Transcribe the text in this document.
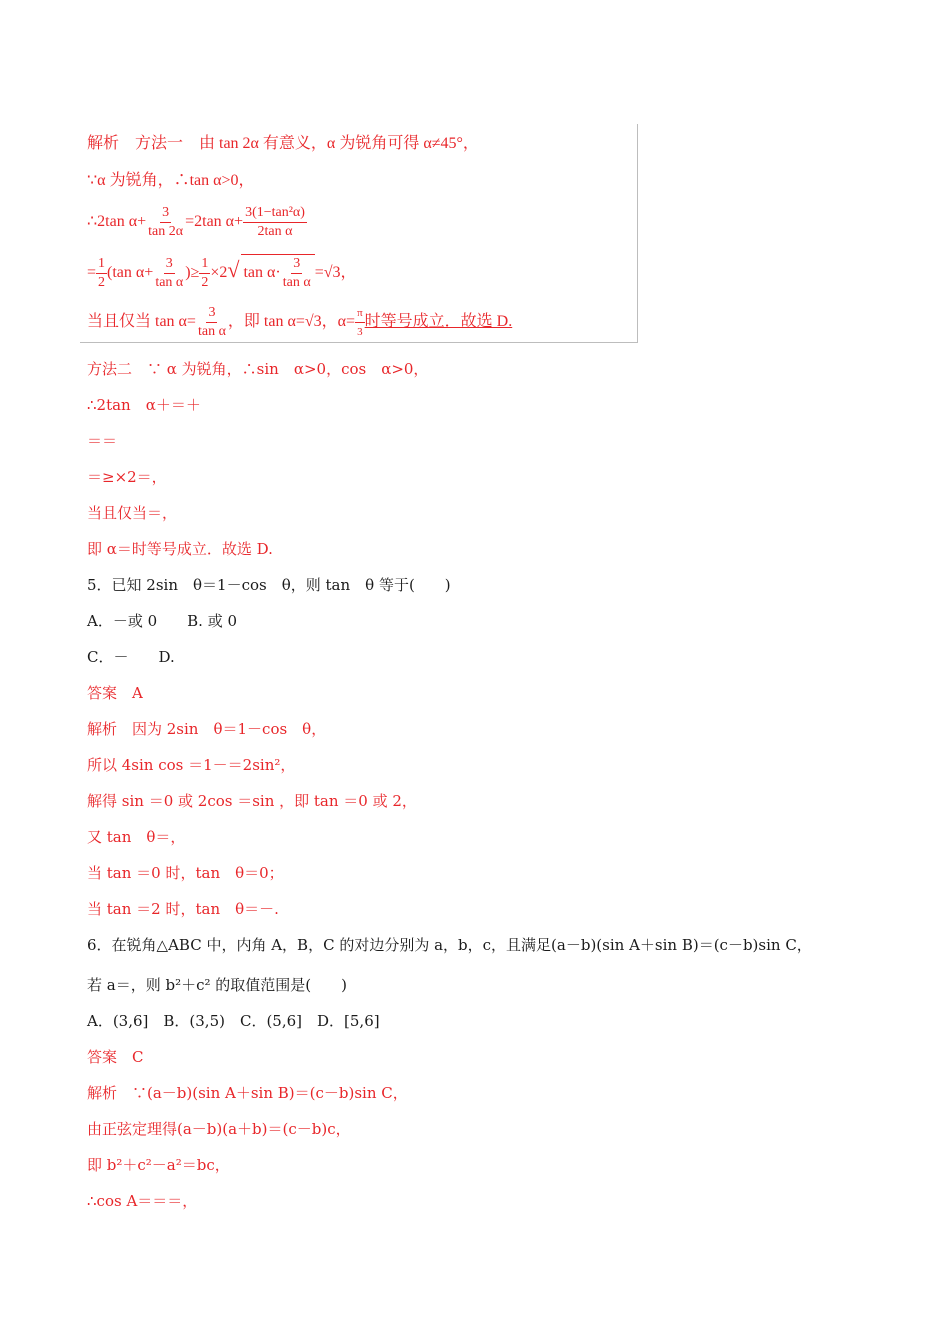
解析　方法一　由 tan 2α 有意义，α 为锐角可得 α≠45°，
∵α 为锐角，∴tan α>0，
∴2tan $\alpha+ \frac{3}{\tan 2\alpha} =2\tan$ $\alpha+ \frac{\text{3(1−tan²α)}}{\text{2tan α}}$
= $\frac{1}{2} (\tan$ $\alpha+ \frac{3}{\text{tan α}}$ )≥ $\frac{1}{2} \times 2√$ $\tan \alpha\cdot \frac{3}{\text{tan α}} =√3$，
当且仅当 $\tan \alpha= \frac{3}{\text{tan α}}$ ，即 tan α=√3，$\alpha= \frac{\pi}{3}$ 时等号成立．故选 D.
方法二　∵ α 为锐角，∴sin　α>0，cos　α>0，
∴2tan　α＋＝＋
＝＝
＝≥×2＝，
当且仅当＝，
即 α＝时等号成立．故选 D.
5．已知 2sin　θ＝1－cos　θ，则 tan　θ 等于(　　)
A．－或 0　　B. 或 0
C．－　　D.
答案　A
解析　因为 2sin　θ＝1－cos　θ，
所以 4sin cos ＝1－＝2sin²，
解得 sin ＝0 或 2cos ＝sin ，即 tan ＝0 或 2，
又 tan　θ＝，
当 tan ＝0 时，tan　θ＝0；
当 tan ＝2 时，tan　θ＝－.
6．在锐角△ABC 中，内角 A，B，C 的对边分别为 a，b，c，且满足(a－b)(sin A＋sin B)＝(c－b)sin C，
若 a＝，则 b²＋c² 的取值范围是(　　)
A．(3,6]　B．(3,5)　C．(5,6]　D．[5,6]
答案　C
解析　∵(a－b)(sin A＋sin B)＝(c－b)sin C，
由正弦定理得(a－b)(a＋b)＝(c－b)c，
即 b²＋c²－a²＝bc，
∴cos A＝＝＝，
